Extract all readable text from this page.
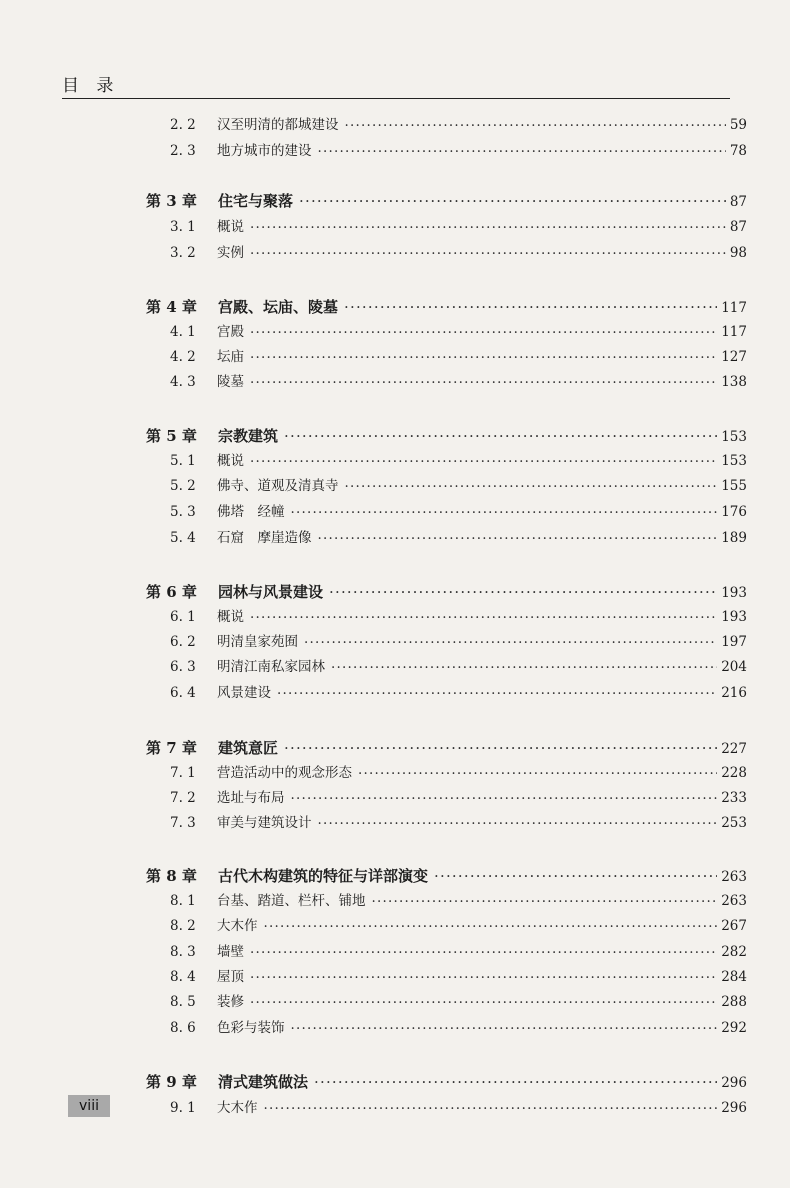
目 录
2. 2	汉至明清的都城建设 ·····	59
2. 3	地方城市的建设 ·····	78
第 3 章	住宅与聚落 ·····	87
3. 1	概说 ·····	87
3. 2	实例 ·····	98
第 4 章	宫殿、坛庙、陵墓 ·····	117
4. 1	宫殿 ·····	117
4. 2	坛庙 ·····	127
4. 3	陵墓 ·····	138
第 5 章	宗教建筑 ·····	153
5. 1	概说 ·····	153
5. 2	佛寺、道观及清真寺 ·····	155
5. 3	佛塔　经幢 ·····	176
5. 4	石窟　摩崖造像 ·····	189
第 6 章	园林与风景建设 ·····	193
6. 1	概说 ·····	193
6. 2	明清皇家苑囿 ·····	197
6. 3	明清江南私家园林 ·····	204
6. 4	风景建设 ·····	216
第 7 章	建筑意匠 ·····	227
7. 1	营造活动中的观念形态 ·····	228
7. 2	选址与布局 ·····	233
7. 3	审美与建筑设计 ·····	253
第 8 章	古代木构建筑的特征与详部演变 ·····	263
8. 1	台基、踏道、栏杆、铺地 ·····	263
8. 2	大木作 ·····	267
8. 3	墙壁 ·····	282
8. 4	屋顶 ·····	284
8. 5	装修 ·····	288
8. 6	色彩与装饰 ·····	292
第 9 章	清式建筑做法 ·····	296
9. 1	大木作 ·····	296
viii
